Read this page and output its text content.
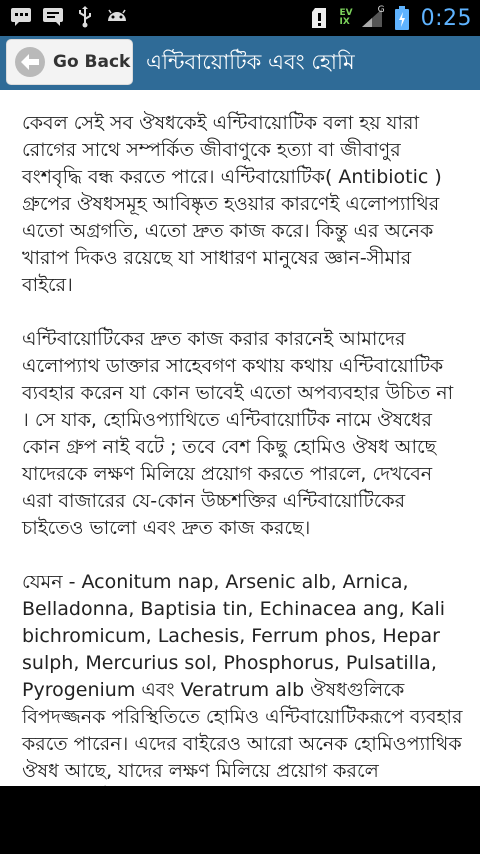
EV
IX
G 0:25
Go Back এন্টিবায়োটিক এবং হোমি

কেবল সেই সব ঔষধকেই এন্টিবায়োটিক বলা হয় যারা রোগের সাথে সম্পর্কিত জীবাণুকে হত্যা বা জীবাণুর বংশবৃদ্ধি বন্ধ করতে পারে। এন্টিবায়োটিক( Antibiotic ) গ্রুপের ঔষধসমূহ আবিষ্কৃত হওয়ার কারণেই এলোপ্যাথির এতো অগ্রগতি, এতো দ্রুত কাজ করে। কিন্তু এর অনেক খারাপ দিকও রয়েছে যা সাধারণ মানুষের জ্ঞান-সীমার বাইরে।

এন্টিবায়োটিকের দ্রুত কাজ করার কারনেই আমাদের এলোপ্যাথ ডাক্তার সাহেবগণ কথায় কথায় এন্টিবায়োটিক ব্যবহার করেন যা কোন ভাবেই এতো অপব্যবহার উচিত না । সে যাক, হোমিওপ্যাথিতে এন্টিবায়োটিক নামে ঔষধের কোন গ্রুপ নাই বটে ; তবে বেশ কিছু হোমিও ঔষধ আছে যাদেরকে লক্ষণ মিলিয়ে প্রয়োগ করতে পারলে, দেখবেন এরা বাজারের যে-কোন উচ্চশক্তির এন্টিবায়োটিকের চাইতেও ভালো এবং দ্রুত কাজ করছে।

যেমন - Aconitum nap, Arsenic alb, Arnica, Belladonna, Baptisia tin, Echinacea ang, Kali bichromicum, Lachesis, Ferrum phos, Hepar sulph, Mercurius sol, Phosphorus, Pulsatilla, Pyrogenium এবং Veratrum alb ঔষধগুলিকে বিপদজ্জনক পরিস্থিতিতে হোমিও এন্টিবায়োটিকরূপে ব্যবহার করতে পারেন। এদের বাইরেও আরো অনেক হোমিওপ্যাথিক ঔষধ আছে, যাদের লক্ষণ মিলিয়ে প্রয়োগ করলে
